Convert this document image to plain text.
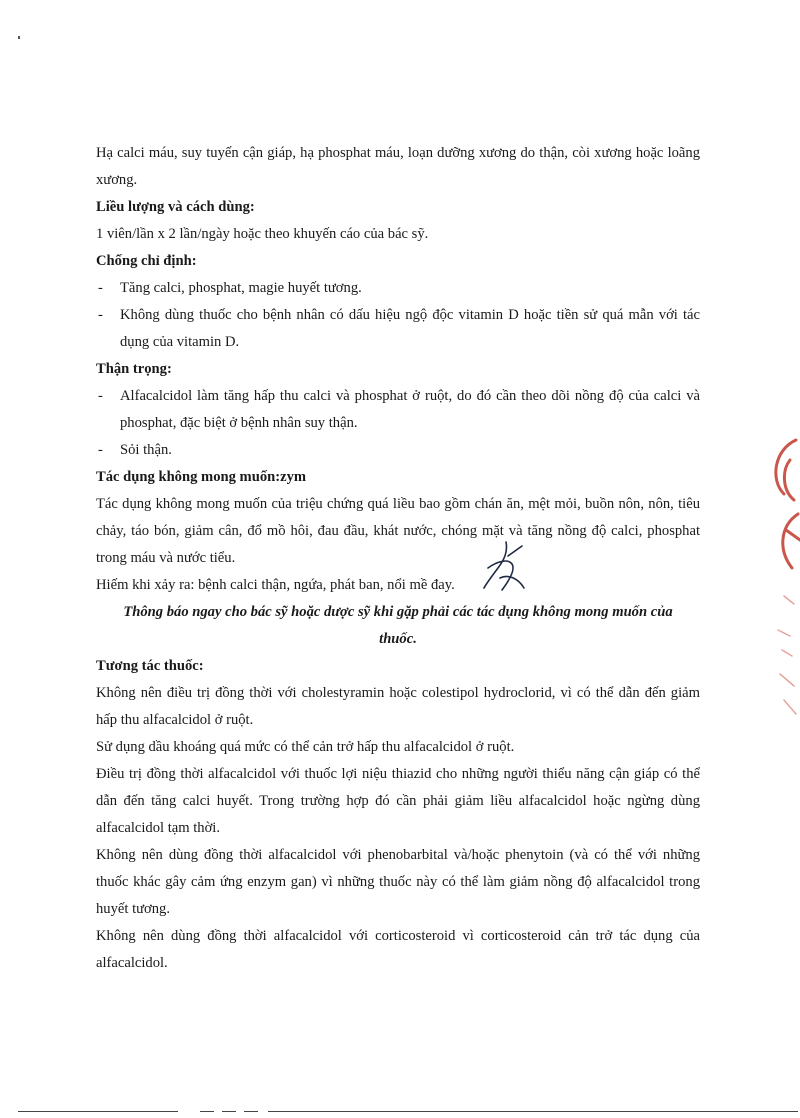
Hạ calci máu, suy tuyến cận giáp, hạ phosphat máu, loạn dưỡng xương do thận, còi xương hoặc loãng xương.

Liều lượng và cách dùng:

1 viên/lần x 2 lần/ngày hoặc theo khuyến cáo của bác sỹ.

Chống chỉ định:

- Tăng calci, phosphat, magie huyết tương.

- Không dùng thuốc cho bệnh nhân có dấu hiệu ngộ độc vitamin D hoặc tiền sử quá mẫn với tác dụng của vitamin D.

Thận trọng:

- Alfacalcidol làm tăng hấp thu calci và phosphat ở ruột, do đó cần theo dõi nồng độ của calci và phosphat, đặc biệt ở bệnh nhân suy thận.

- Sỏi thận.

Tác dụng không mong muốn:zym

Tác dụng không mong muốn của triệu chứng quá liều bao gồm chán ăn, mệt mỏi, buồn nôn, nôn, tiêu chảy, táo bón, giảm cân, đổ mồ hôi, đau đầu, khát nước, chóng mặt và tăng nồng độ calci, phosphat trong máu và nước tiểu.

Hiếm khi xảy ra: bệnh calci thận, ngứa, phát ban, nổi mề đay.

Thông báo ngay cho bác sỹ hoặc dược sỹ khi gặp phải các tác dụng không mong muốn của thuốc.

Tương tác thuốc:

Không nên điều trị đồng thời với cholestyramin hoặc colestipol hydroclorid, vì có thể dẫn đến giảm hấp thu alfacalcidol ở ruột.

Sử dụng dầu khoáng quá mức có thể cản trở hấp thu alfacalcidol ở ruột.

Điều trị đồng thời alfacalcidol với thuốc lợi niệu thiazid cho những người thiểu năng cận giáp có thể dẫn đến tăng calci huyết. Trong trường hợp đó cần phải giảm liều alfacalcidol hoặc ngừng dùng alfacalcidol tạm thời.

Không nên dùng đồng thời alfacalcidol với phenobarbital và/hoặc phenytoin (và có thể với những thuốc khác gây cảm ứng enzym gan) vì những thuốc này có thể làm giảm nồng độ alfacalcidol trong huyết tương.

Không nên dùng đồng thời alfacalcidol với corticosteroid vì corticosteroid cản trở tác dụng của alfacalcidol.
